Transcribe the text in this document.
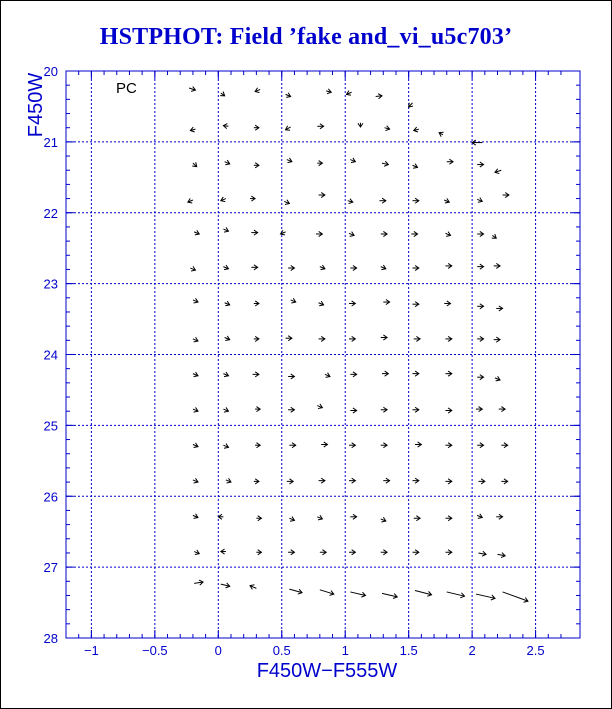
HSTPHOT: Field ’fake and_vi_u5c703’
−1	−0.5	0	0.5	1	1.5	2	2.5
20
21
22
23
24
25
26
27
28
PC
F450W−F555W
F450W
